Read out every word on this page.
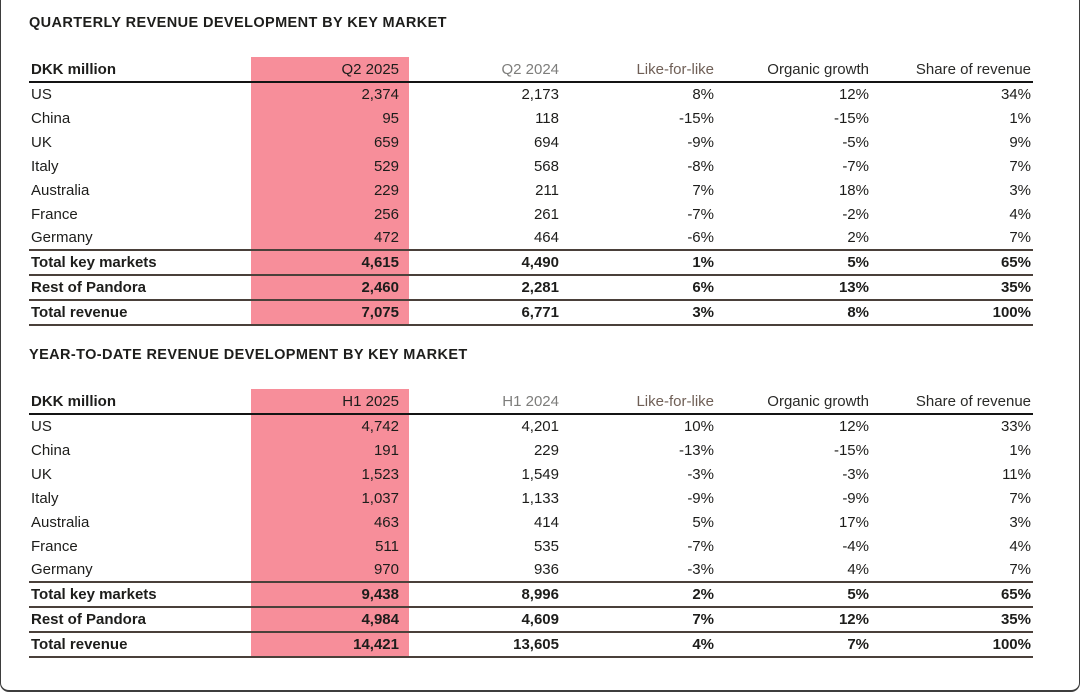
QUARTERLY REVENUE DEVELOPMENT BY KEY MARKET
DKK million	Q2 2025	Q2 2024	Like-for-like	Organic growth	Share of revenue
US	2,374	2,173	8%	12%	34%
China	95	118	-15%	-15%	1%
UK	659	694	-9%	-5%	9%
Italy	529	568	-8%	-7%	7%
Australia	229	211	7%	18%	3%
France	256	261	-7%	-2%	4%
Germany	472	464	-6%	2%	7%
Total key markets	4,615	4,490	1%	5%	65%
Rest of Pandora	2,460	2,281	6%	13%	35%
Total revenue	7,075	6,771	3%	8%	100%
YEAR-TO-DATE REVENUE DEVELOPMENT BY KEY MARKET
DKK million	H1 2025	H1 2024	Like-for-like	Organic growth	Share of revenue
US	4,742	4,201	10%	12%	33%
China	191	229	-13%	-15%	1%
UK	1,523	1,549	-3%	-3%	11%
Italy	1,037	1,133	-9%	-9%	7%
Australia	463	414	5%	17%	3%
France	511	535	-7%	-4%	4%
Germany	970	936	-3%	4%	7%
Total key markets	9,438	8,996	2%	5%	65%
Rest of Pandora	4,984	4,609	7%	12%	35%
Total revenue	14,421	13,605	4%	7%	100%
